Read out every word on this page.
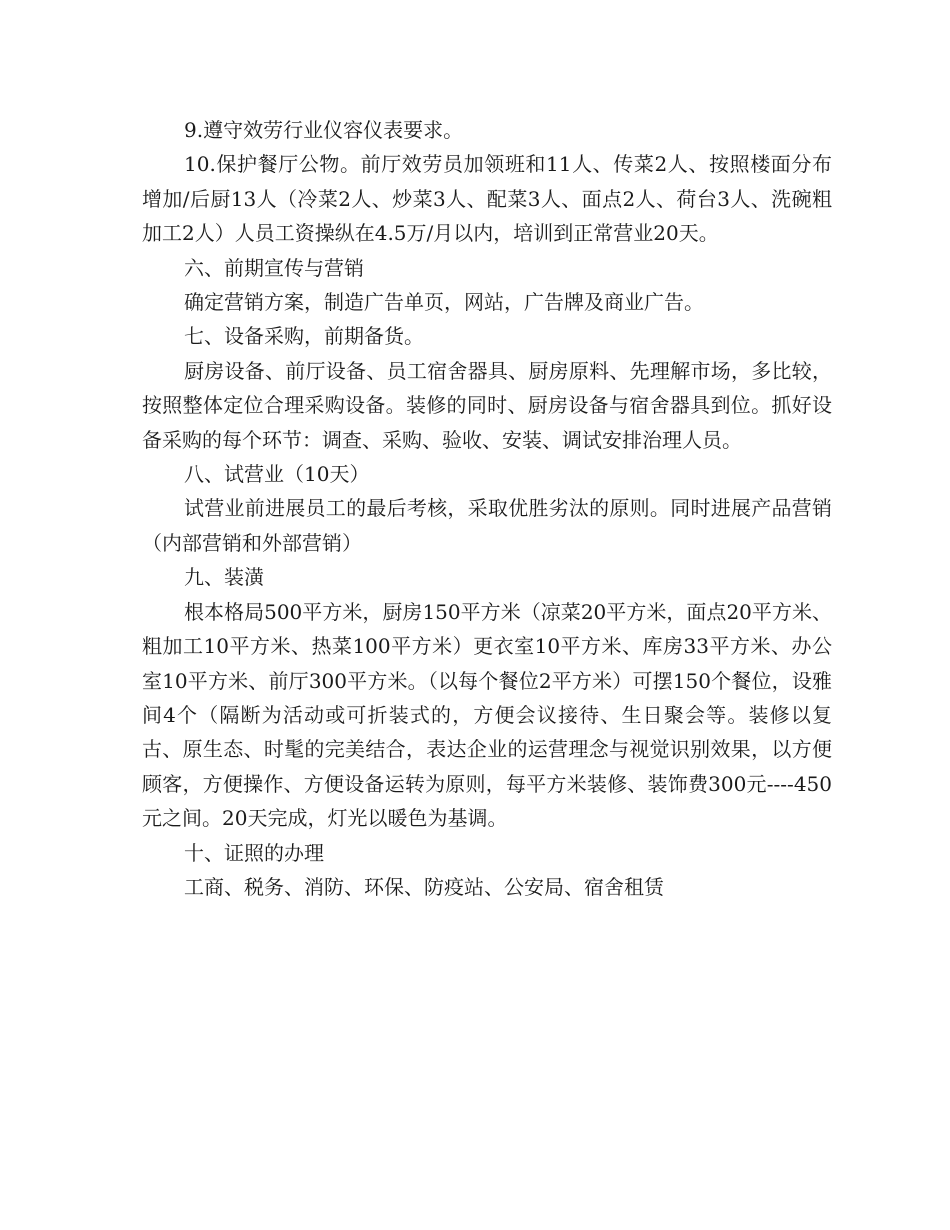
9.遵守效劳行业仪容仪表要求。

10.保护餐厅公物。前厅效劳员加领班和11人、传菜2人、按照楼面分布增加/后厨13人（冷菜2人、炒菜3人、配菜3人、面点2人、荷台3人、洗碗粗加工2人）人员工资操纵在4.5万/月以内，培训到正常营业20天。

六、前期宣传与营销

确定营销方案，制造广告单页，网站，广告牌及商业广告。

七、设备采购，前期备货。

厨房设备、前厅设备、员工宿舍器具、厨房原料、先理解市场，多比较，按照整体定位合理采购设备。装修的同时、厨房设备与宿舍器具到位。抓好设备采购的每个环节：调查、采购、验收、安装、调试安排治理人员。

八、试营业（10天）

试营业前进展员工的最后考核，采取优胜劣汰的原则。同时进展产品营销（内部营销和外部营销）

九、装潢

根本格局500平方米，厨房150平方米（凉菜20平方米，面点20平方米、粗加工10平方米、热菜100平方米）更衣室10平方米、库房33平方米、办公室10平方米、前厅300平方米。（以每个餐位2平方米）可摆150个餐位，设雅间4个（隔断为活动或可折装式的，方便会议接待、生日聚会等。装修以复古、原生态、时髦的完美结合，表达企业的运营理念与视觉识别效果，以方便顾客，方便操作、方便设备运转为原则，每平方米装修、装饰费300元----450元之间。20天完成，灯光以暖色为基调。

十、证照的办理

工商、税务、消防、环保、防疫站、公安局、宿舍租赁
